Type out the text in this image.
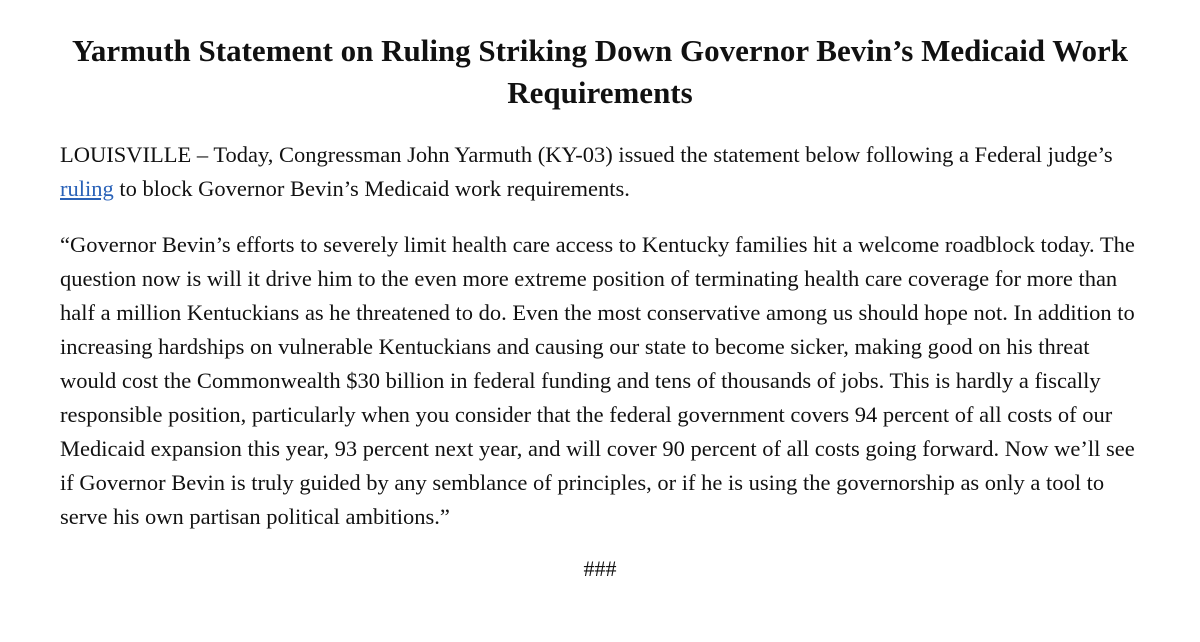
Yarmuth Statement on Ruling Striking Down Governor Bevin’s Medicaid Work Requirements

LOUISVILLE – Today, Congressman John Yarmuth (KY-03) issued the statement below following a Federal judge’s ruling to block Governor Bevin’s Medicaid work requirements.

“Governor Bevin’s efforts to severely limit health care access to Kentucky families hit a welcome roadblock today. The question now is will it drive him to the even more extreme position of terminating health care coverage for more than half a million Kentuckians as he threatened to do. Even the most conservative among us should hope not. In addition to increasing hardships on vulnerable Kentuckians and causing our state to become sicker, making good on his threat would cost the Commonwealth $30 billion in federal funding and tens of thousands of jobs. This is hardly a fiscally responsible position, particularly when you consider that the federal government covers 94 percent of all costs of our Medicaid expansion this year, 93 percent next year, and will cover 90 percent of all costs going forward. Now we’ll see if Governor Bevin is truly guided by any semblance of principles, or if he is using the governorship as only a tool to serve his own partisan political ambitions.”

###
